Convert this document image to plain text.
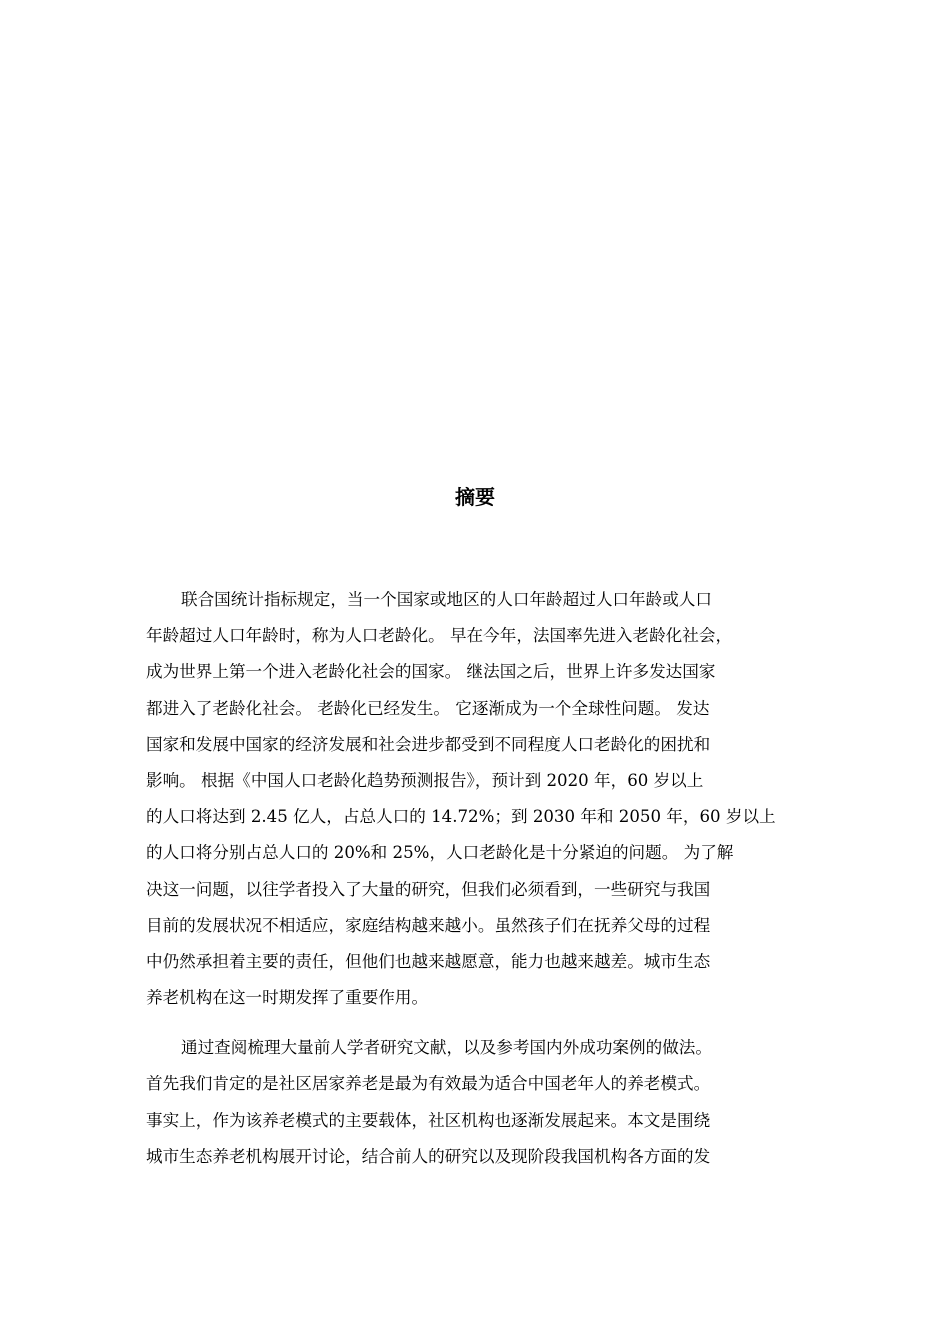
摘要
联合国统计指标规定，当一个国家或地区的人口年龄超过人口年龄或人口
年龄超过人口年龄时，称为人口老龄化。 早在今年，法国率先进入老龄化社会，
成为世界上第一个进入老龄化社会的国家。 继法国之后，世界上许多发达国家
都进入了老龄化社会。 老龄化已经发生。 它逐渐成为一个全球性问题。 发达
国家和发展中国家的经济发展和社会进步都受到不同程度人口老龄化的困扰和
影响。 根据《中国人口老龄化趋势预测报告》，预计到 2020 年，60 岁以上
的人口将达到 2.45 亿人，占总人口的 14.72%；到 2030 年和 2050 年，60 岁以上
的人口将分别占总人口的 20%和 25%，人口老龄化是十分紧迫的问题。 为了解
决这一问题，以往学者投入了大量的研究，但我们必须看到，一些研究与我国
目前的发展状况不相适应，家庭结构越来越小。虽然孩子们在抚养父母的过程
中仍然承担着主要的责任，但他们也越来越愿意，能力也越来越差。城市生态
养老机构在这一时期发挥了重要作用。
通过查阅梳理大量前人学者研究文献，以及参考国内外成功案例的做法。
首先我们肯定的是社区居家养老是最为有效最为适合中国老年人的养老模式。
事实上，作为该养老模式的主要载体，社区机构也逐渐发展起来。本文是围绕
城市生态养老机构展开讨论，结合前人的研究以及现阶段我国机构各方面的发
